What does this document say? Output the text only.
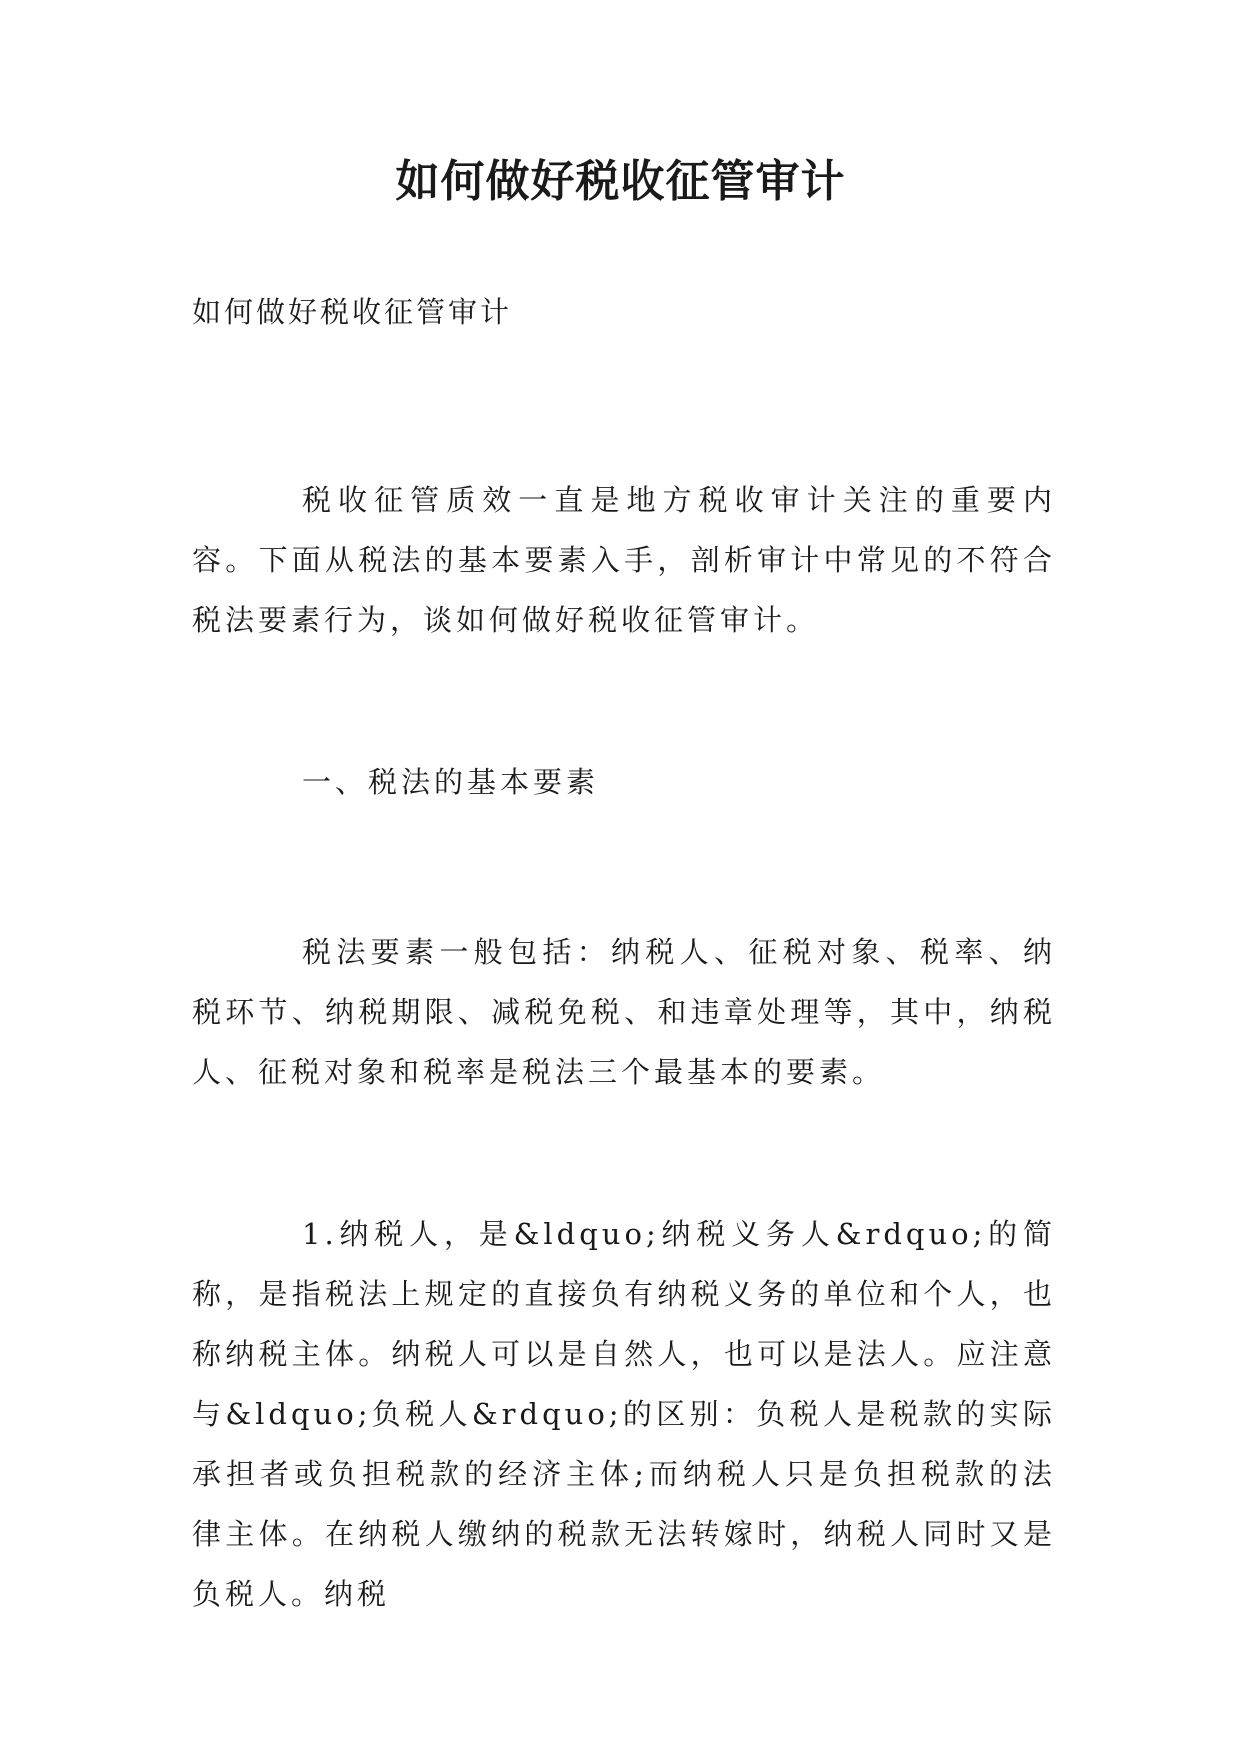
如何做好税收征管审计

如何做好税收征管审计

税收征管质效一直是地方税收审计关注的重要内容。下面从税法的基本要素入手，剖析审计中常见的不符合税法要素行为，谈如何做好税收征管审计。

一、税法的基本要素

税法要素一般包括：纳税人、征税对象、税率、纳税环节、纳税期限、减税免税、和违章处理等，其中，纳税人、征税对象和税率是税法三个最基本的要素。

1.纳税人，是&ldquo;纳税义务人&rdquo;的简称，是指税法上规定的直接负有纳税义务的单位和个人，也称纳税主体。纳税人可以是自然人，也可以是法人。应注意与&ldquo;负税人&rdquo;的区别：负税人是税款的实际承担者或负担税款的经济主体;而纳税人只是负担税款的法律主体。在纳税人缴纳的税款无法转嫁时，纳税人同时又是负税人。纳税
